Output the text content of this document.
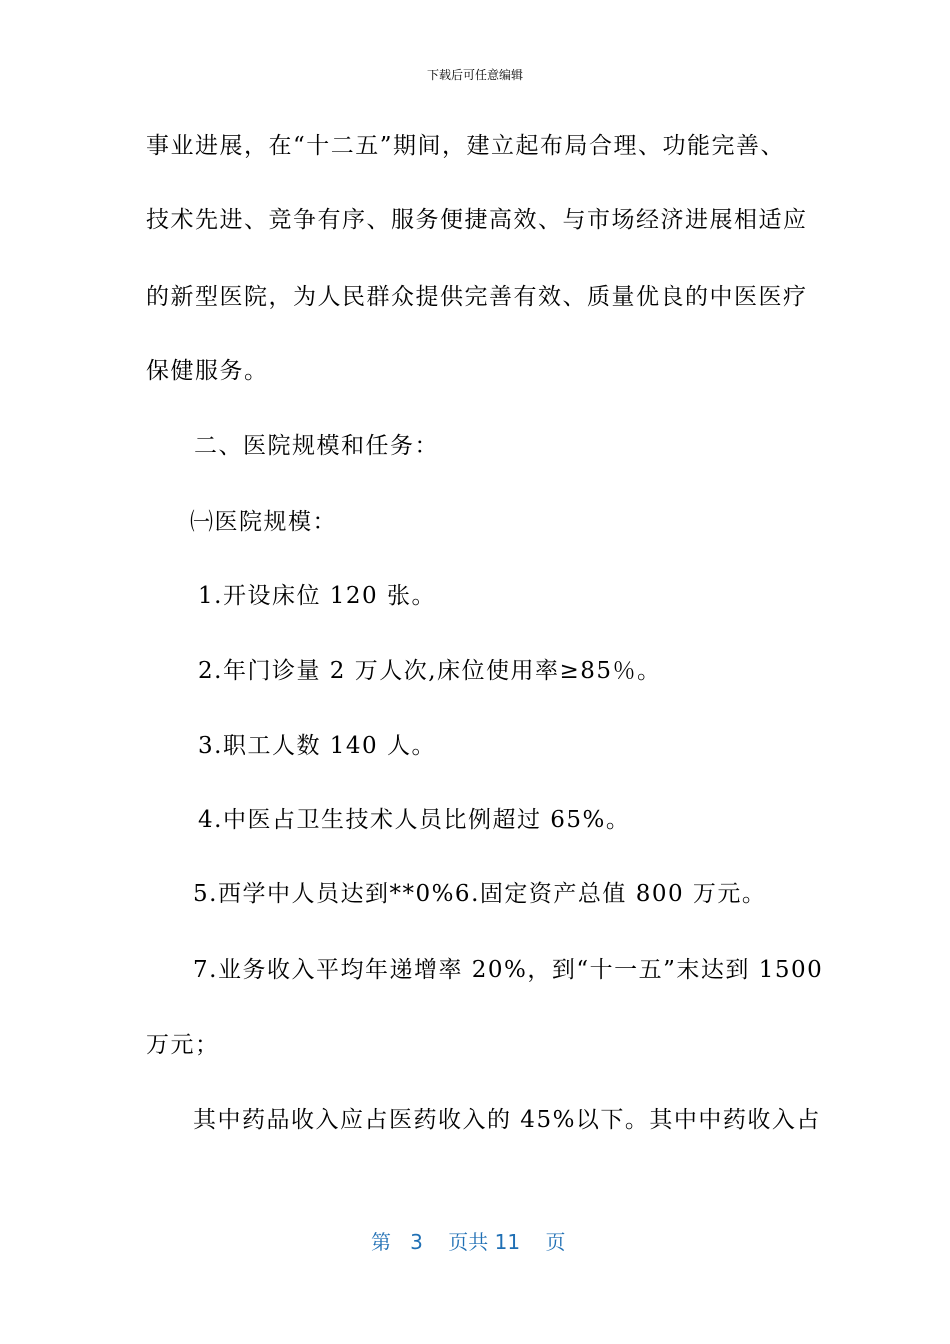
下载后可任意编辑
事业进展，在“十二五”期间，建立起布局合理、功能完善、
技术先进、竞争有序、服务便捷高效、与市场经济进展相适应
的新型医院，为人民群众提供完善有效、质量优良的中医医疗
保健服务。
二、医院规模和任务：
㈠医院规模：
1.开设床位 120 张。
2.年门诊量 2 万人次,床位使用率≥85％。
3.职工人数 140 人。
4.中医占卫生技术人员比例超过 65%。
5.西学中人员达到**0%6.固定资产总值 800 万元。
7.业务收入平均年递增率 20%，到“十一五”末达到 1500
万元；
其中药品收入应占医药收入的 45%以下。其中中药收入占
第 3 页共 11 页
